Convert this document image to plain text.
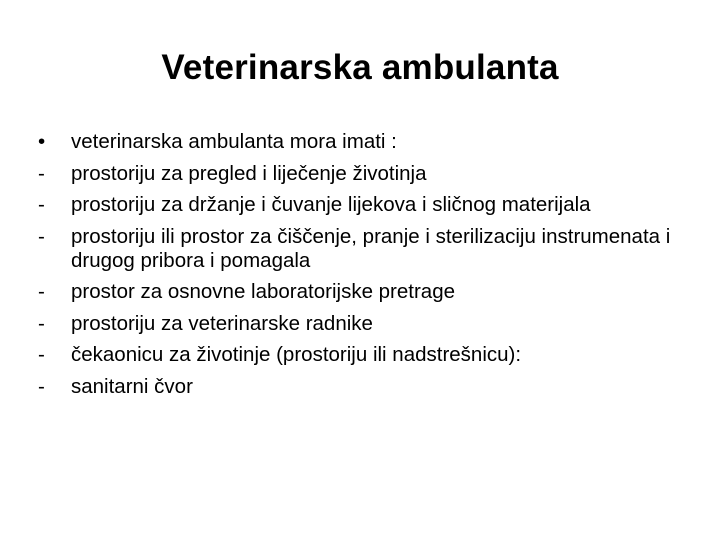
Veterinarska ambulanta
•	veterinarska ambulanta mora imati :
-	prostoriju za pregled i liječenje životinja
-	prostoriju za držanje i čuvanje lijekova i sličnog materijala
-	prostoriju ili prostor za čiščenje, pranje i sterilizaciju instrumenata i drugog pribora i pomagala
-	prostor za osnovne laboratorijske pretrage
-	prostoriju za veterinarske radnike
-	čekaonicu za životinje (prostoriju ili nadstrešnicu):
-	sanitarni čvor
